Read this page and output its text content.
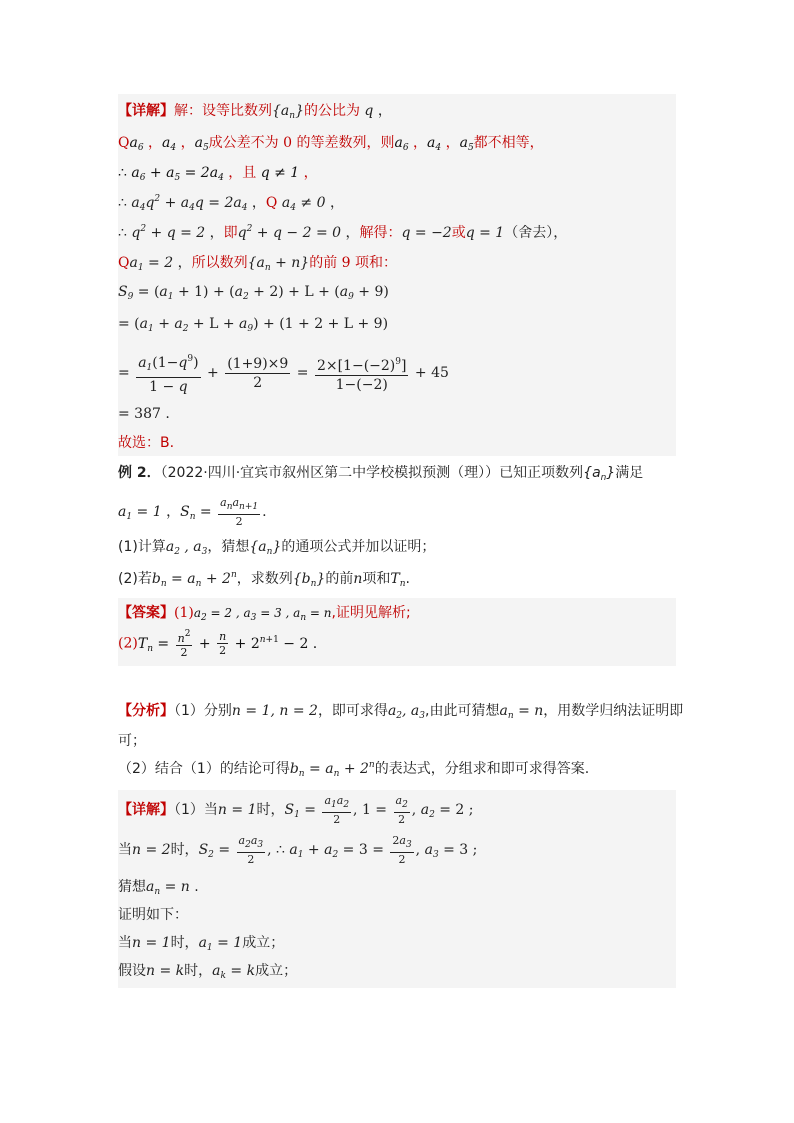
【详解】解：设等比数列$\{a_n\}$的公比为 q ，
$Qa_6$ ，$a_4$ ，$a_5$成公差不为 0 的等差数列，则$a_6$ ，$a_4$ ，$a_5$都不相等，
∴ $a_6 + a_5 = 2a_4$ ，且 q ≠ 1 ，
∴ $a_4q^2 + a_4q = 2a_4$ ，Q $a_4 \ne 0$ ，
∴ $q^2 + q = 2$ ，即$q^2 + q - 2 = 0$ ，解得：q = −2或q = 1（舍去），
$Qa_1 = 2$ ，所以数列$\{a_n + n\}$的前 9 项和：
$S_9 = (a_1 + 1) + (a_2 + 2) + L + (a_9 + 9)$
= $(a_1 + a_2 + L + a_9) + (1 + 2 + L + 9)$
= $\frac{a_1(1-q^9)}{1 - q} + \frac{(1+9)\times 9}{2} = \frac{2\times[1-(-2)^9]}{1-(-2)} + 45$
= 387 .
故选：B.
例 2．（2022·四川·宜宾市叙州区第二中学校模拟预测（理））已知正项数列$\{a_n\}$满足
$a_1 = 1$ ，$S_n = \frac{a_na_{n+1}}{2}$ .
(1)计算$a_2$ , $a_3$，猜想$\{a_n\}$的通项公式并加以证明；
(2)若$b_n = a_n + 2^n$，求数列$\{b_n\}$的前n项和$T_n$.
【答案】$(1)a_2 = 2$ , $a_3 = 3$ , $a_n = n$,证明见解析;
$(2)T_n = \frac{n^2}{2} + \frac{n}{2} + 2^{n+1} - 2$ .
【分析】（1）分别n = 1, n = 2，即可求得$a_2$, $a_3$,由此可猜想$a_n = n$，用数学归纳法证明即
可；
（2）结合（1）的结论可得$b_n = a_n + 2^n$的表达式，分组求和即可求得答案.
【详解】（1）当n = 1时，$S_1 = \frac{a_1a_2}{2}$ , $1 = \frac{a_2}{2}$ , $a_2 = 2$ ;
当n = 2时，$S_2 = \frac{a_2a_3}{2}$ , ∴ $a_1 + a_2 = 3 = \frac{2a_3}{2}$ , $a_3 = 3$ ;
猜想$a_n = n$ .
证明如下：
当n = 1时，$a_1 = 1$成立；
假设n = k时，$a_k = k$成立；
